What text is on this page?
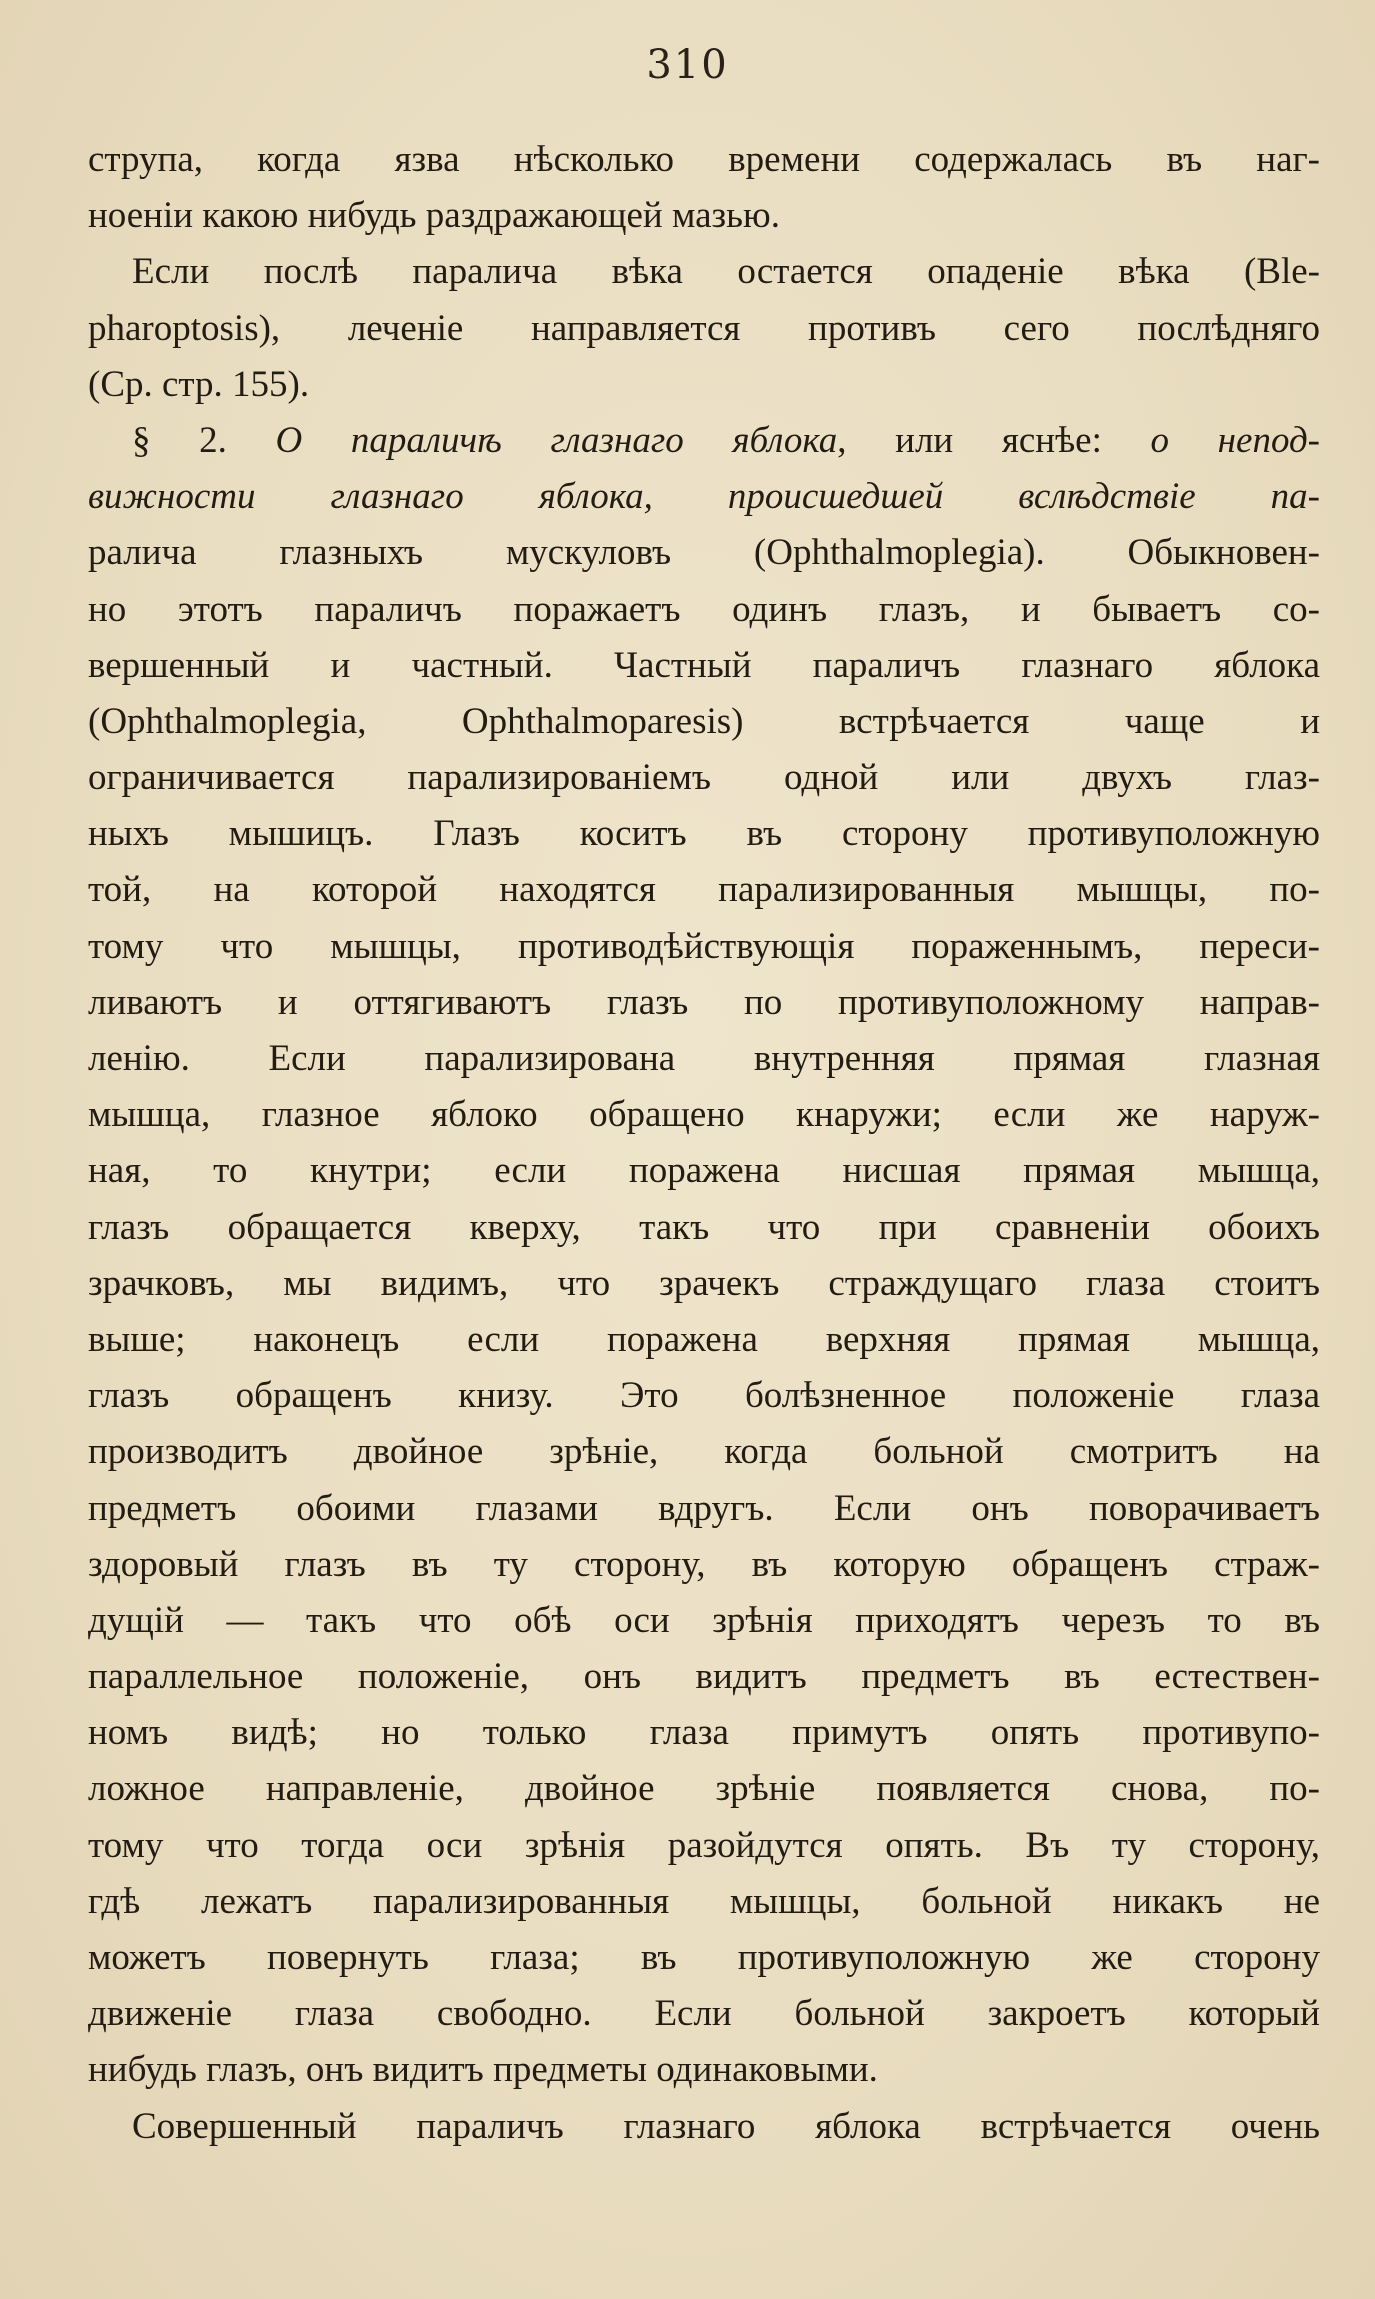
310
струпа, когда язва нѣсколько времени содержалась въ наг-
ноенiи какою нибудь раздражающей мазью.
Если послѣ паралича вѣка остается опаденiе вѣка (Ble-
pharoptosis), леченiе направляется противъ сего послѣдняго
(Ср. стр. 155).
§ 2. О параличѣ глазнаго яблока, или яснѣе: о непод-
вижности глазнаго яблока, происшедшей вслѣдствiе па-
ралича глазныхъ мускуловъ (Ophthalmoplegia). Обыкновен-
но этотъ параличъ поражаетъ одинъ глазъ, и бываетъ со-
вершенный и частный. Частный параличъ глазнаго яблока
(Ophthalmoplegia, Ophthalmoparesis) встрѣчается чаще и
ограничивается парализированiемъ одной или двухъ глаз-
ныхъ мышицъ. Глазъ коситъ въ сторону противуположную
той, на которой находятся парализированныя мышцы, по-
тому что мышцы, противодѣйствующiя пораженнымъ, переси-
ливаютъ и оттягиваютъ глазъ по противуположному направ-
ленiю. Если парализирована внутренняя прямая глазная
мышца, глазное яблоко обращено кнаружи; если же наруж-
ная, то кнутри; если поражена нисшая прямая мышца,
глазъ обращается кверху, такъ что при сравненiи обоихъ
зрачковъ, мы видимъ, что зрачекъ страждущаго глаза стоитъ
выше; наконецъ если поражена верхняя прямая мышца,
глазъ обращенъ книзу. Это болѣзненное положенiе глаза
производитъ двойное зрѣнiе, когда больной смотритъ на
предметъ обоими глазами вдругъ. Если онъ поворачиваетъ
здоровый глазъ въ ту сторону, въ которую обращенъ страж-
дущiй — такъ что обѣ оси зрѣнiя приходятъ черезъ то въ
параллельное положенiе, онъ видитъ предметъ въ естествен-
номъ видѣ; но только глаза примутъ опять противупо-
ложное направленiе, двойное зрѣнiе появляется снова, по-
тому что тогда оси зрѣнiя разойдутся опять. Въ ту сторону,
гдѣ лежатъ парализированныя мышцы, больной никакъ не
можетъ повернуть глаза; въ противуположную же сторону
движенiе глаза свободно. Если больной закроетъ который
нибудь глазъ, онъ видитъ предметы одинаковыми.
Совершенный параличъ глазнаго яблока встрѣчается очень
